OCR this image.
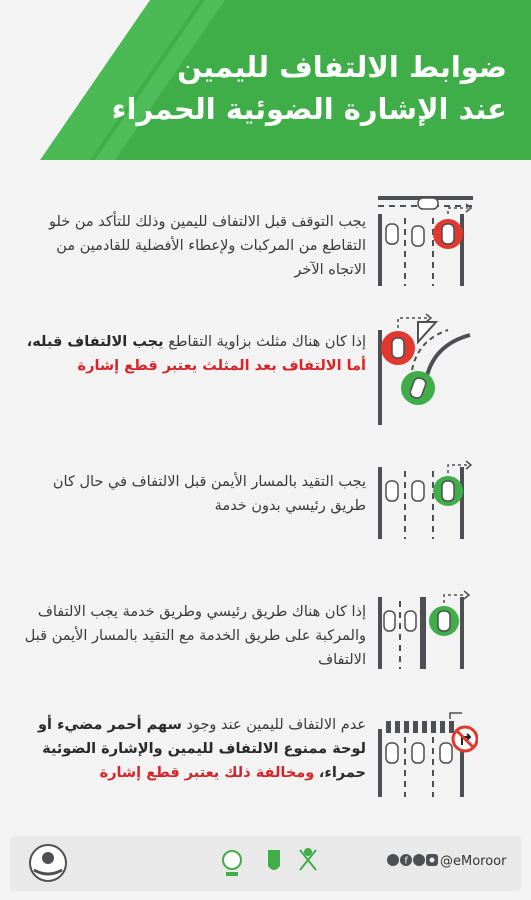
ضوابط الالتفاف لليمين
عند الإشارة الضوئية الحمراء
يجب التوقف قبل الالتفاف لليمين وذلك للتأكد من خلو التقاطع من المركبات ولإعطاء الأفضلية للقادمين من الاتجاه الآخر
إذا كان هناك مثلث بزاوية التقاطع يجب الالتفاف قبله، أما الالتفاف بعد المثلث يعتبر قطع إشارة
يجب التقيد بالمسار الأيمن قبل الالتفاف في حال كان طريق رئيسي بدون خدمة
إذا كان هناك طريق رئيسي وطريق خدمة يجب الالتفاف والمركبة على طريق الخدمة مع التقيد بالمسار الأيمن قبل الالتفاف
عدم الالتفاف لليمين عند وجود سهم أحمر مضيء أو لوحة ممنوع الالتفاف لليمين والإشارة الضوئية حمراء، ومخالفة ذلك يعتبر قطع إشارة
f @eMoroor
